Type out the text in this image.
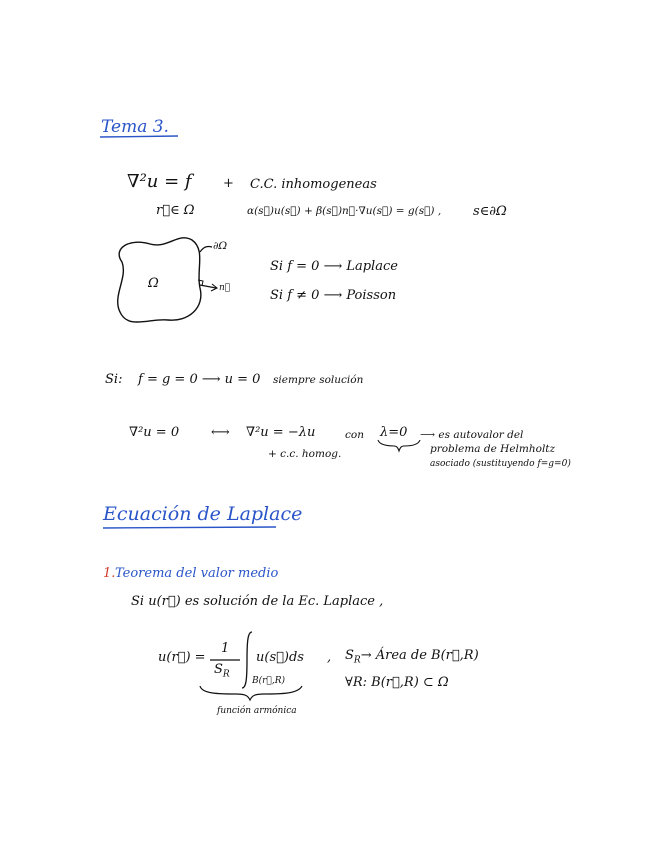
Tema 3.
∇²u = f + C.C. inhomogeneas
r⃗∈ Ω	α(s⃗)u(s⃗) + β(s⃗)n⃗·∇u(s⃗) = g(s⃗) , s∈∂Ω
Ω
∂Ω
n⃗
Si f = 0 ⟶ Laplace
Si f ≠ 0 ⟶ Poisson
Si: f = g = 0 ⟶ u = 0 siempre solución
∇²u = 0 ⟷ ∇²u = −λu	con λ=0 ⟶ es autovalor del
problema de Helmholtz
asociado (sustituyendo f=g=0)
+ c.c. homog.
Ecuación de Laplace
1. Teorema del valor medio
Si u(r⃗) es solución de la Ec. Laplace ,
u(r⃗) =
1
$S_R$
u(s⃗)ds
B(r⃗,R)
, $S_R\to$ Área de B(r⃗,R)
∀R: B(r⃗,R) ⊂ Ω
función armónica
